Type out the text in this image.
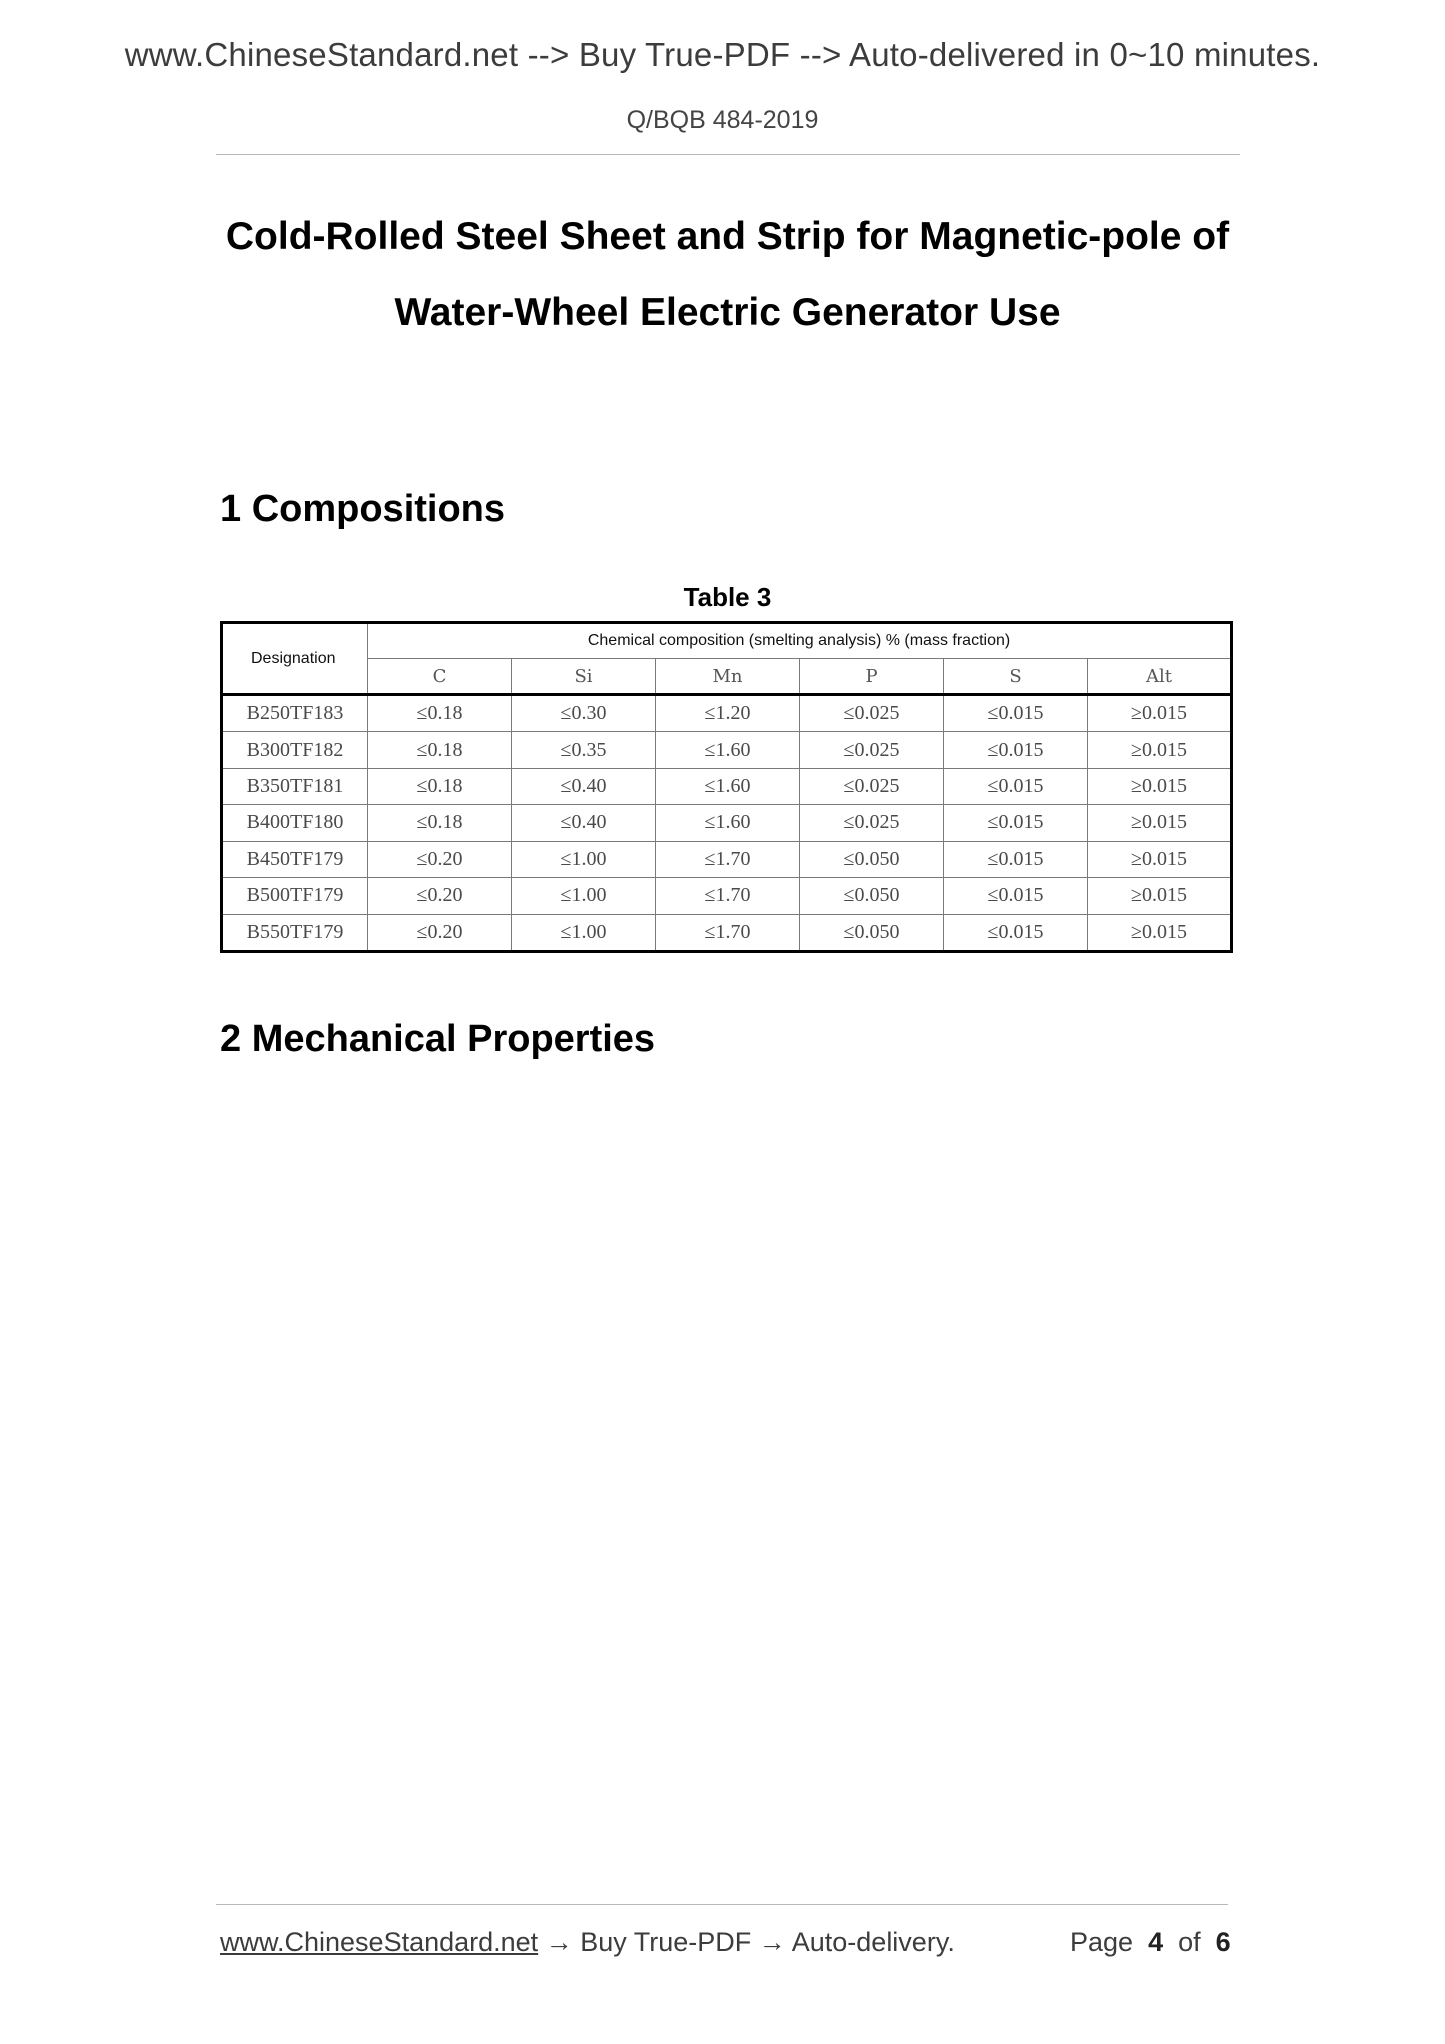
www.ChineseStandard.net --> Buy True-PDF --> Auto-delivered in 0~10 minutes.
Q/BQB 484-2019
Cold-Rolled Steel Sheet and Strip for Magnetic-pole of
Water-Wheel Electric Generator Use
1 Compositions
Table 3
Designation	Chemical composition (smelting analysis) % (mass fraction)					
	C	Si	Mn	P	S	Alt
B250TF183	≤0.18	≤0.30	≤1.20	≤0.025	≤0.015	≥0.015
B300TF182	≤0.18	≤0.35	≤1.60	≤0.025	≤0.015	≥0.015
B350TF181	≤0.18	≤0.40	≤1.60	≤0.025	≤0.015	≥0.015
B400TF180	≤0.18	≤0.40	≤1.60	≤0.025	≤0.015	≥0.015
B450TF179	≤0.20	≤1.00	≤1.70	≤0.050	≤0.015	≥0.015
B500TF179	≤0.20	≤1.00	≤1.70	≤0.050	≤0.015	≥0.015
B550TF179	≤0.20	≤1.00	≤1.70	≤0.050	≤0.015	≥0.015
2 Mechanical Properties
www.ChineseStandard.net → Buy True-PDF → Auto-delivery.	Page 4 of 6
